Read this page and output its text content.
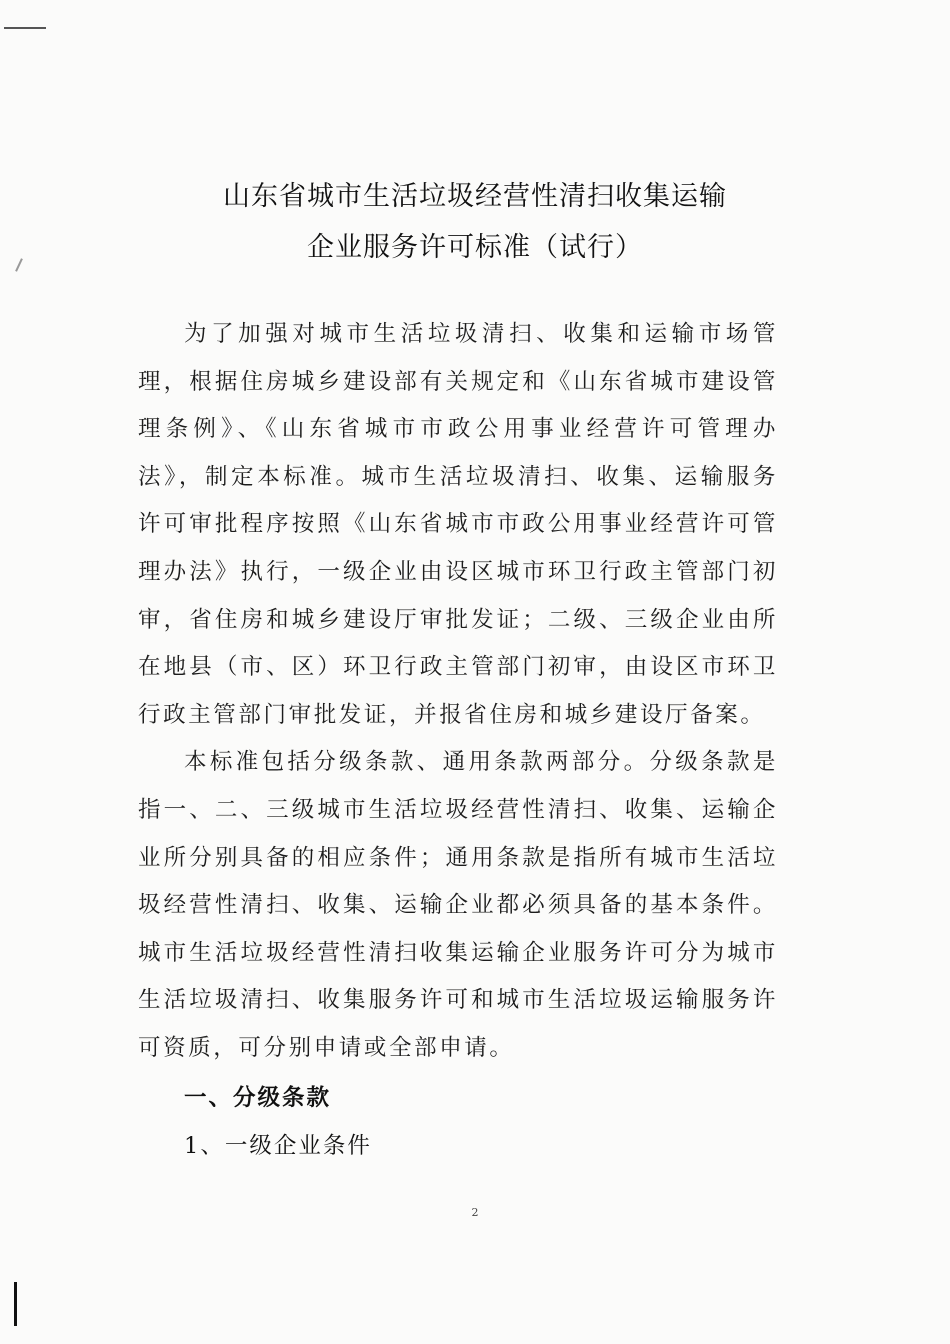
山东省城市生活垃圾经营性清扫收集运输
企业服务许可标准（试行）

为了加强对城市生活垃圾清扫、收集和运输市场管理，根据住房城乡建设部有关规定和《山东省城市建设管理条例》、《山东省城市市政公用事业经营许可管理办法》，制定本标准。城市生活垃圾清扫、收集、运输服务许可审批程序按照《山东省城市市政公用事业经营许可管理办法》执行，一级企业由设区城市环卫行政主管部门初审，省住房和城乡建设厅审批发证；二级、三级企业由所在地县（市、区）环卫行政主管部门初审，由设区市环卫行政主管部门审批发证，并报省住房和城乡建设厅备案。

本标准包括分级条款、通用条款两部分。分级条款是指一、二、三级城市生活垃圾经营性清扫、收集、运输企业所分别具备的相应条件；通用条款是指所有城市生活垃圾经营性清扫、收集、运输企业都必须具备的基本条件。城市生活垃圾经营性清扫收集运输企业服务许可分为城市生活垃圾清扫、收集服务许可和城市生活垃圾运输服务许可资质，可分别申请或全部申请。

一、分级条款
1、一级企业条件
2
